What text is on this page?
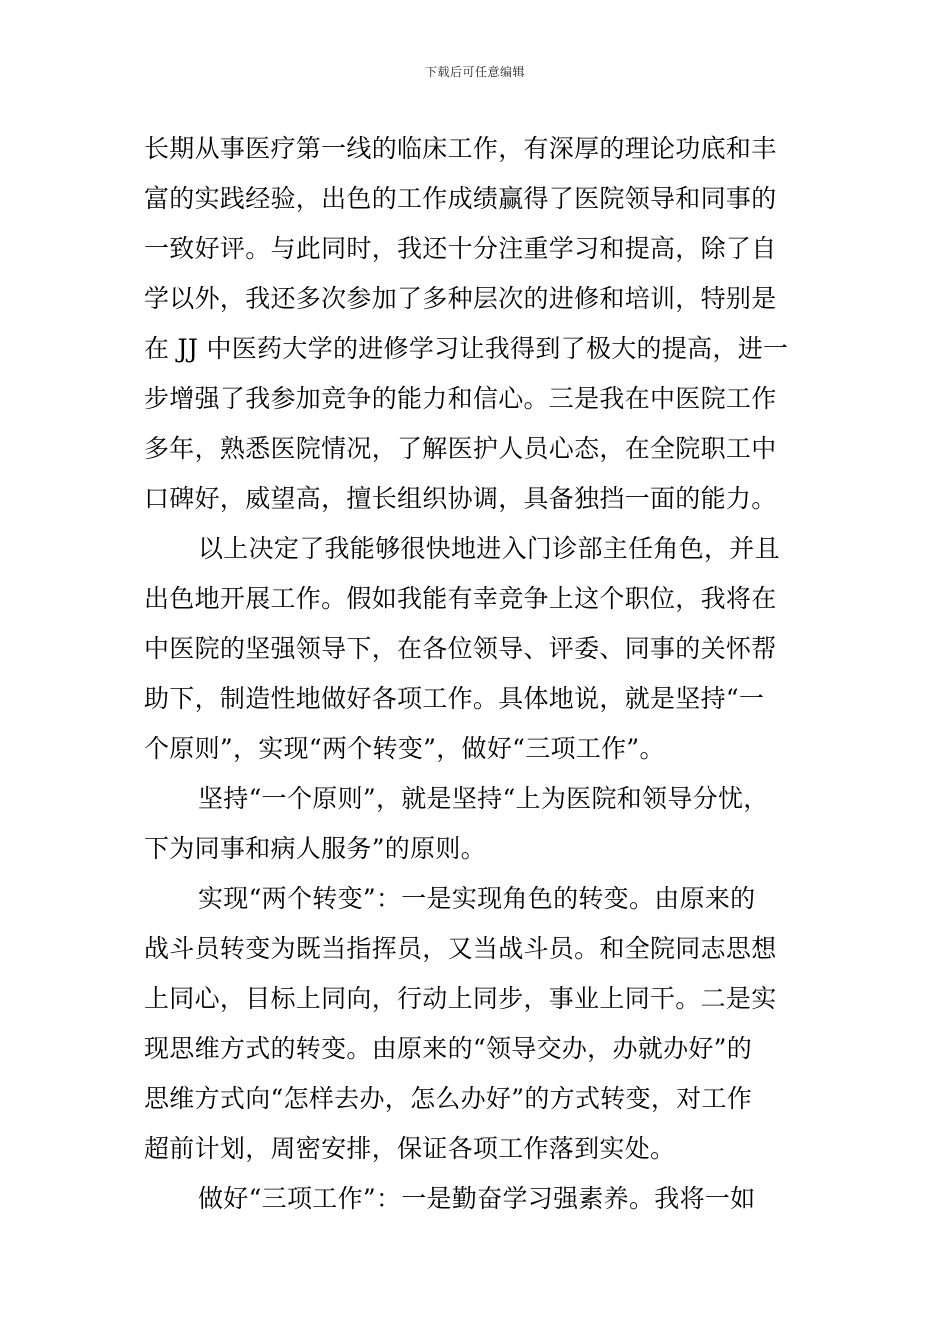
下载后可任意编辑
长期从事医疗第一线的临床工作，有深厚的理论功底和丰
富的实践经验，出色的工作成绩赢得了医院领导和同事的
一致好评。与此同时，我还十分注重学习和提高，除了自
学以外，我还多次参加了多种层次的进修和培训，特别是
在 JJ 中医药大学的进修学习让我得到了极大的提高，进一
步增强了我参加竞争的能力和信心。三是我在中医院工作
多年，熟悉医院情况，了解医护人员心态，在全院职工中
口碑好，威望高，擅长组织协调，具备独挡一面的能力。
以上决定了我能够很快地进入门诊部主任角色，并且
出色地开展工作。假如我能有幸竞争上这个职位，我将在
中医院的坚强领导下，在各位领导、评委、同事的关怀帮
助下，制造性地做好各项工作。具体地说，就是坚持“一
个原则”，实现“两个转变”，做好“三项工作”。
坚持“一个原则”，就是坚持“上为医院和领导分忧，
下为同事和病人服务”的原则。
实现“两个转变”：一是实现角色的转变。由原来的
战斗员转变为既当指挥员，又当战斗员。和全院同志思想
上同心，目标上同向，行动上同步，事业上同干。二是实
现思维方式的转变。由原来的“领导交办，办就办好”的
思维方式向“怎样去办，怎么办好”的方式转变，对工作
超前计划，周密安排，保证各项工作落到实处。
做好“三项工作”：一是勤奋学习强素养。我将一如
